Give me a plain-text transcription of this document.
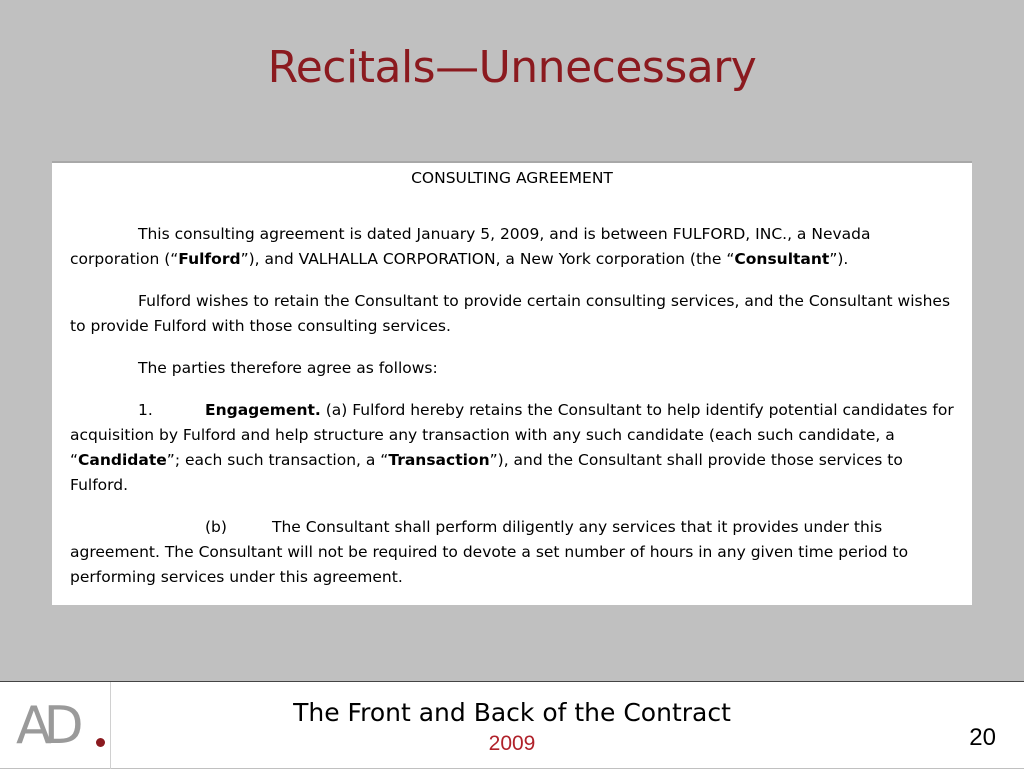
Recitals—Unnecessary
CONSULTING AGREEMENT

This consulting agreement is dated January 5, 2009, and is between FULFORD, INC., a Nevada corporation (“Fulford”), and VALHALLA CORPORATION, a New York corporation (the “Consultant”).

Fulford wishes to retain the Consultant to provide certain consulting services, and the Consultant wishes to provide Fulford with those consulting services.

The parties therefore agree as follows:

1.	Engagement. (a) Fulford hereby retains the Consultant to help identify potential candidates for acquisition by Fulford and help structure any transaction with any such candidate (each such candidate, a “Candidate”; each such transaction, a “Transaction”), and the Consultant shall provide those services to Fulford.

(b)	The Consultant shall perform diligently any services that it provides under this agreement. The Consultant will not be required to devote a set number of hours in any given time period to performing services under this agreement.

AD	The Front and Back of the Contract
2009	20
